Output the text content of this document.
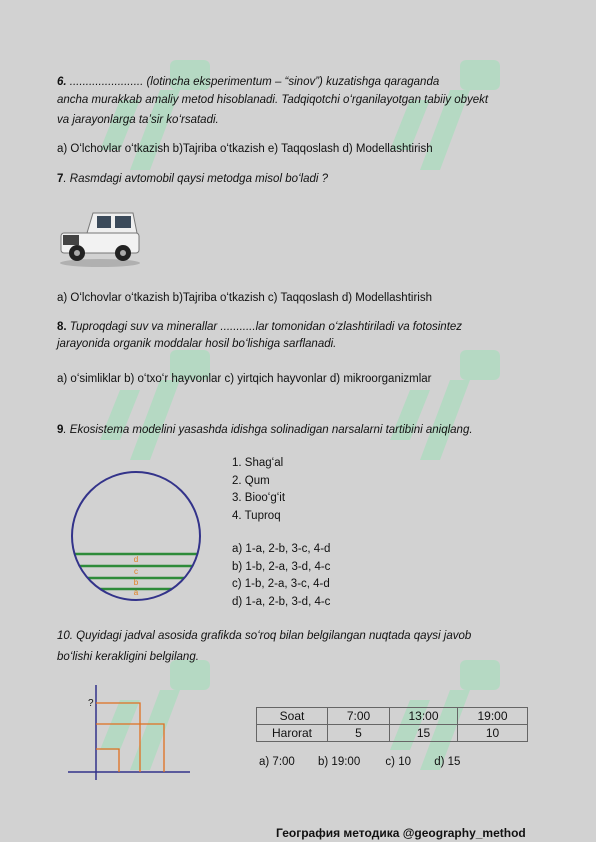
6. ....................... (lotincha eksperimentum – “sinov”) kuzatishga qaraganda
ancha murakkab amaliy metod hisoblanadi. Tadqiqotchi oʻrganilayotgan tabiiy obyekt
va jarayonlarga taʼsir koʻrsatadi.
a) Oʻlchovlar oʻtkazish b)Tajriba oʻtkazish e) Taqqoslash d) Modellashtirish
7. Rasmdagi avtomobil qaysi metodga misol boʻladi ?
a) Oʻlchovlar oʻtkazish b)Tajriba oʻtkazish c) Taqqoslash d) Modellashtirish
8. Tuproqdagi suv va minerallar ...........lar tomonidan oʻzlashtiriladi va fotosintez
jarayonida organik moddalar hosil boʻlishiga sarflanadi.
a) oʻsimliklar b) oʻtxoʻr hayvonlar c) yirtqich hayvonlar d) mikroorganizmlar
9. Ekosistema modelini yasashda idishga solinadigan narsalarni tartibini aniqlang.
d
c
b
a
1. Shagʻal
2. Qum
3. Biooʻgʻit
4. Tuproq
a) 1-a, 2-b, 3-c, 4-d
b) 1-b, 2-a, 3-d, 4-c
c) 1-b, 2-a, 3-c, 4-d
d) 1-a, 2-b, 3-d, 4-c
10. Quyidagi jadval asosida grafikda soʻroq bilan belgilangan nuqtada qaysi javob
boʻlishi kerakligini belgilang.
?
Soat	7:00	13:00	19:00
Harorat	5	15	10
a) 7:00 b) 19:00 c) 10 d) 15
География методика @geography_method
